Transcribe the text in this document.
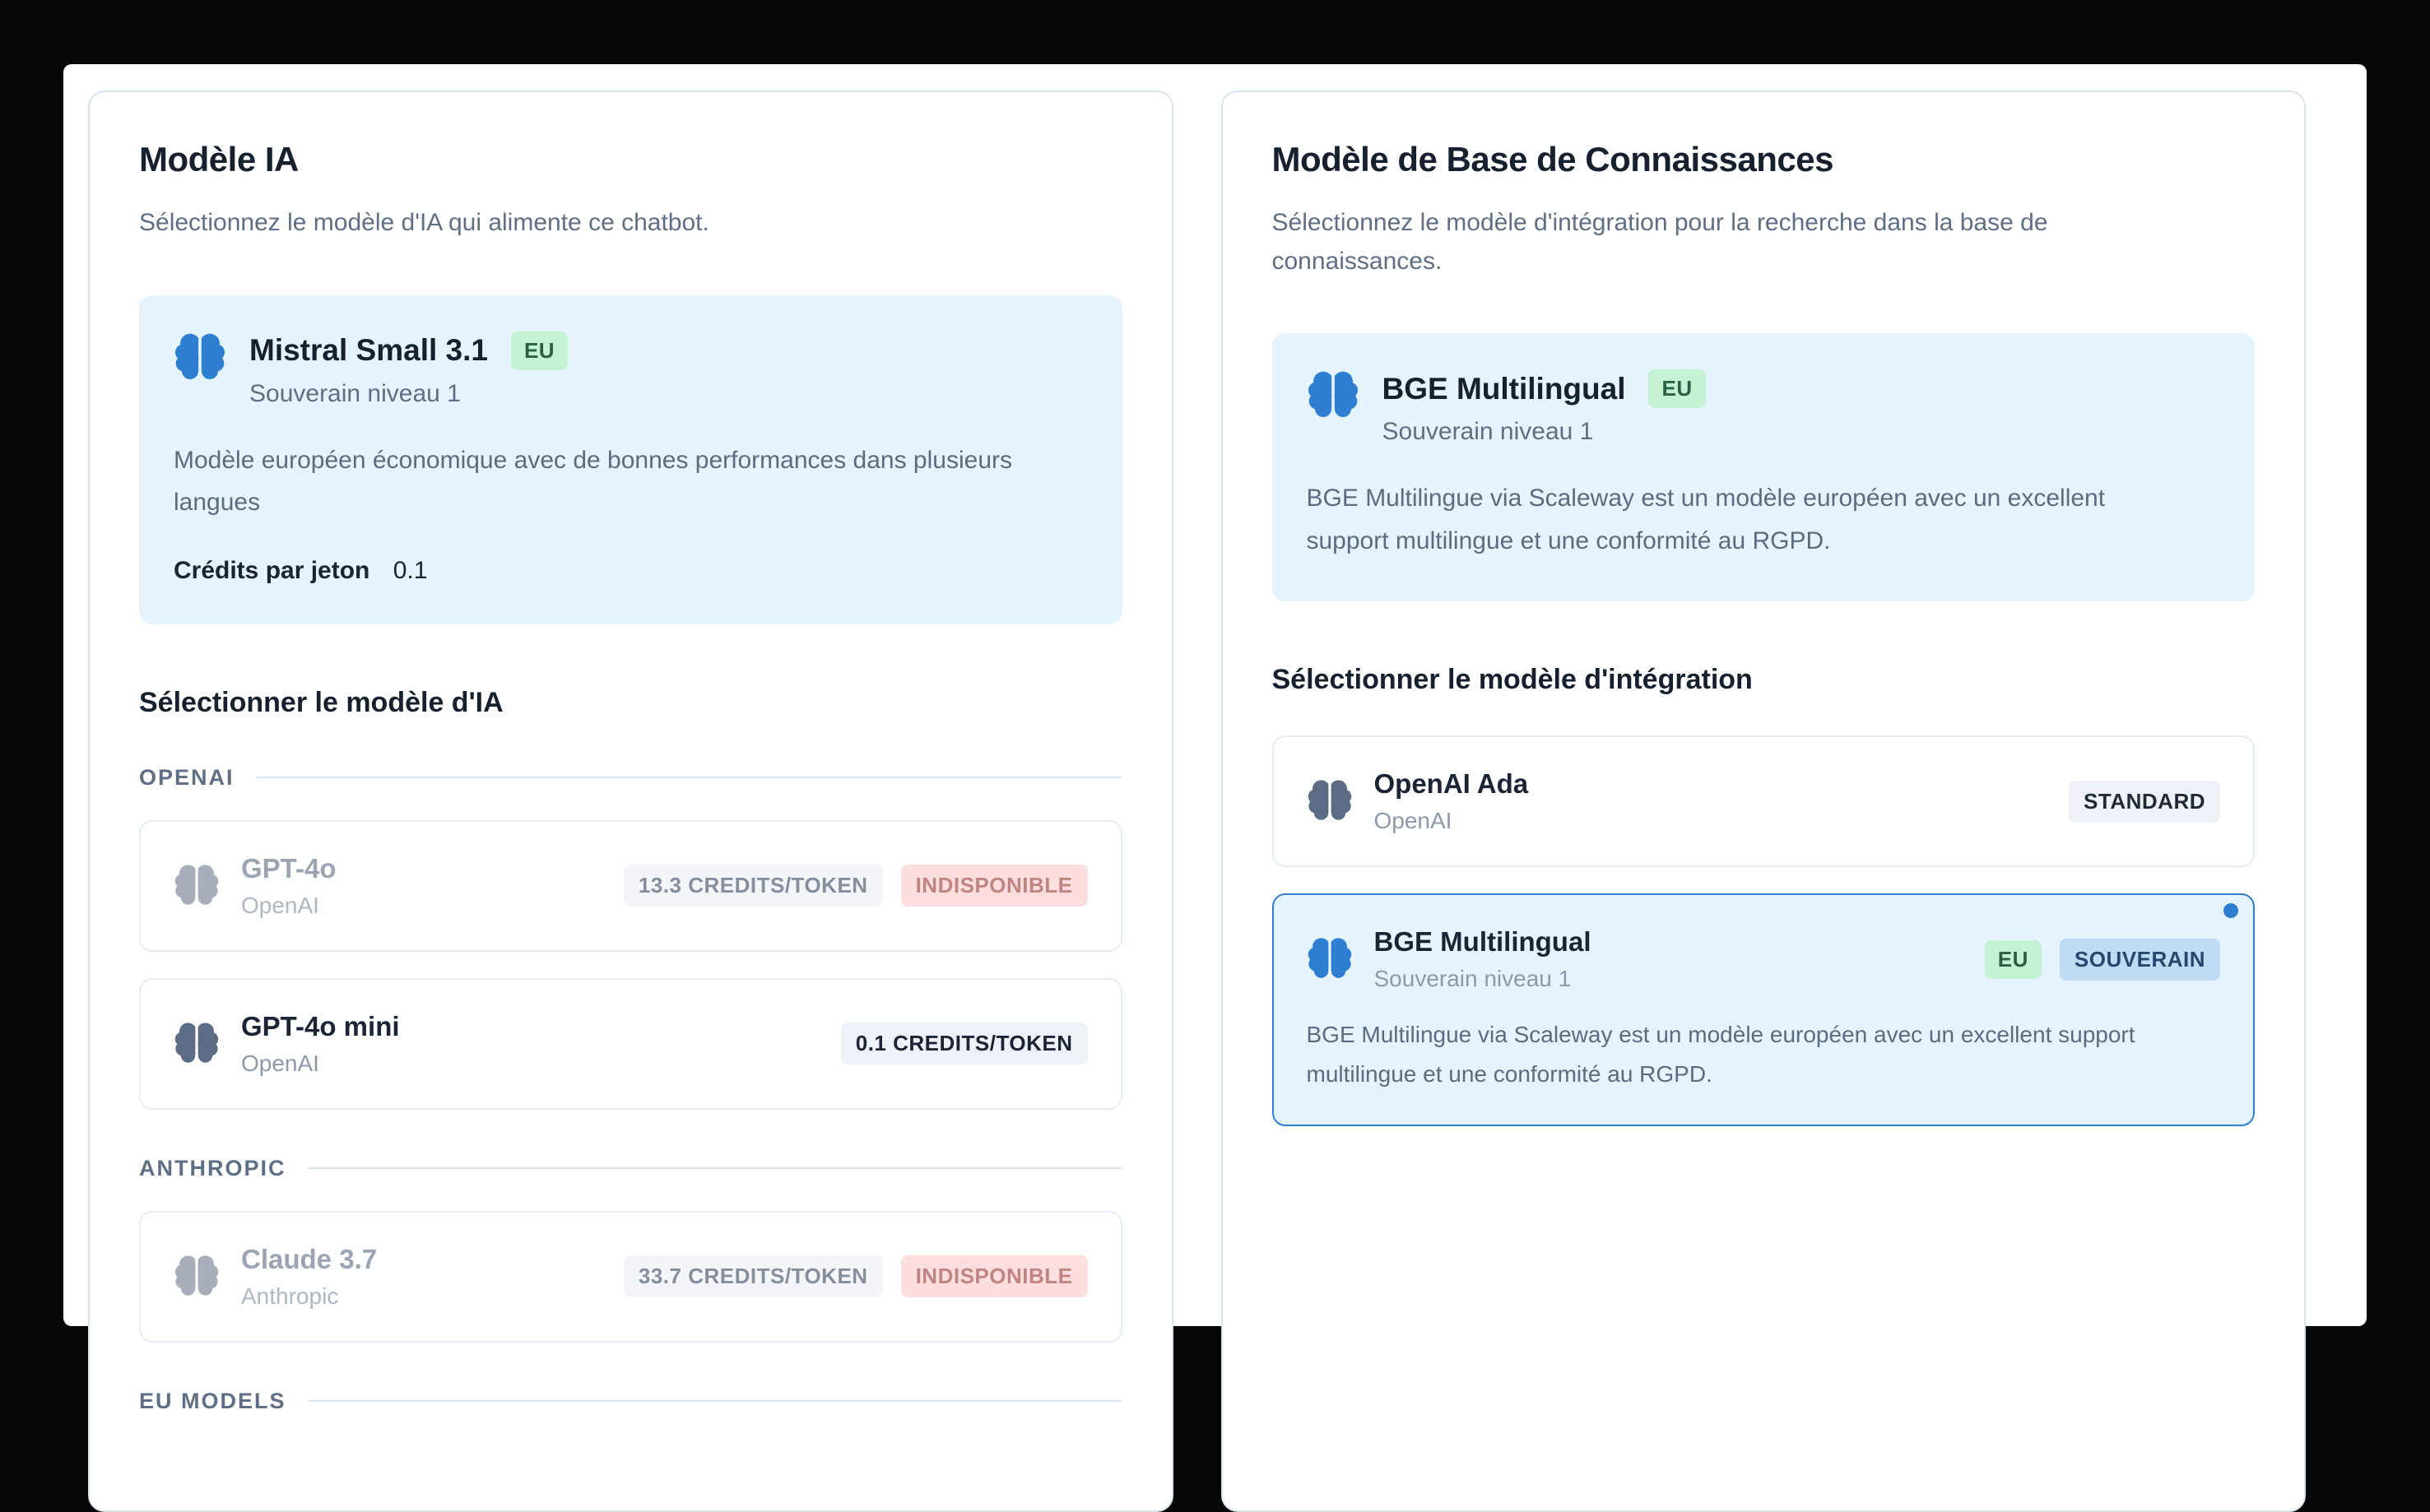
Modèle IA

Sélectionnez le modèle d'IA qui alimente ce chatbot.

Mistral Small 3.1	EU
Souverain niveau 1

Modèle européen économique avec de bonnes performances dans plusieurs langues

Crédits par jeton 0.1
Sélectionner le modèle d'IA
OPENAI
GPT-4o
OpenAI
13.3 CREDITS/TOKEN	INDISPONIBLE
GPT-4o mini
OpenAI
0.1 CREDITS/TOKEN
ANTHROPIC
Claude 3.7
Anthropic
33.7 CREDITS/TOKEN	INDISPONIBLE
EU MODELS
Modèle de Base de Connaissances

Sélectionnez le modèle d'intégration pour la recherche dans la base de connaissances.

BGE Multilingual	EU
Souverain niveau 1

BGE Multilingue via Scaleway est un modèle européen avec un excellent support multilingue et une conformité au RGPD.

Sélectionner le modèle d'intégration
OpenAI Ada
OpenAI
STANDARD
BGE Multilingual
Souverain niveau 1
EU	SOUVERAIN

BGE Multilingue via Scaleway est un modèle européen avec un excellent support multilingue et une conformité au RGPD.
